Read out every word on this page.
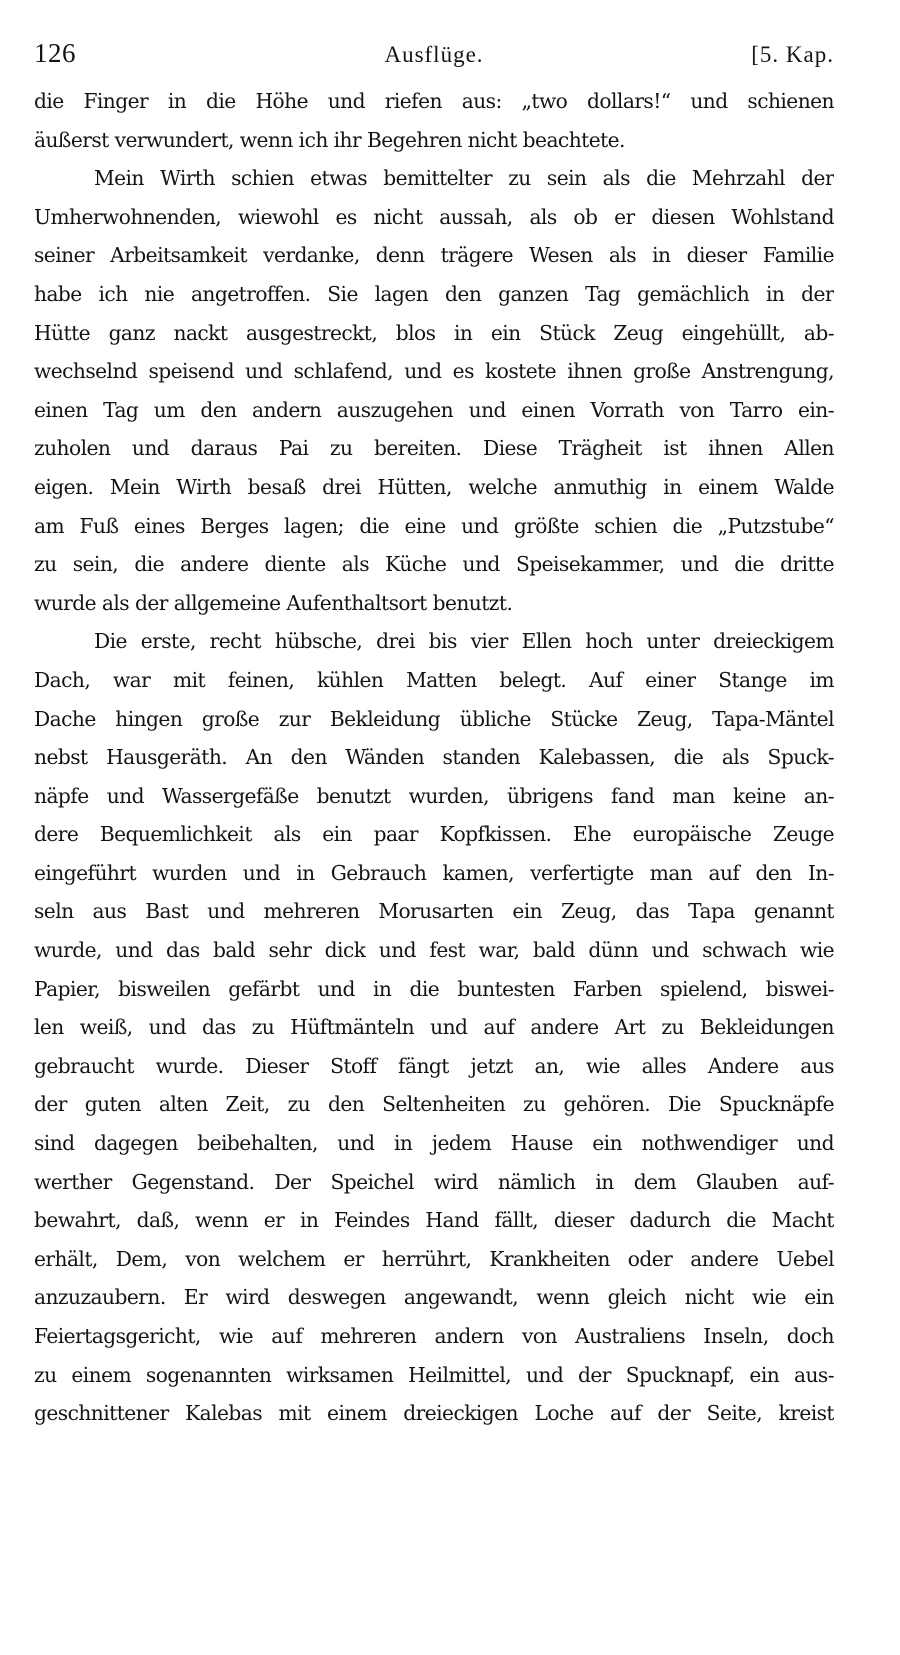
126	Ausflüge.	[5. Kap.
die Finger in die Höhe und riefen aus: „two dollars!“ und schienen
äußerst verwundert, wenn ich ihr Begehren nicht beachtete.
Mein Wirth schien etwas bemittelter zu sein als die Mehrzahl der
Umherwohnenden, wiewohl es nicht aussah, als ob er diesen Wohlstand
seiner Arbeitsamkeit verdanke, denn trägere Wesen als in dieser Familie
habe ich nie angetroffen. Sie lagen den ganzen Tag gemächlich in der
Hütte ganz nackt ausgestreckt, blos in ein Stück Zeug eingehüllt, ab-
wechselnd speisend und schlafend, und es kostete ihnen große Anstrengung,
einen Tag um den andern auszugehen und einen Vorrath von Tarro ein-
zuholen und daraus Pai zu bereiten. Diese Trägheit ist ihnen Allen
eigen. Mein Wirth besaß drei Hütten, welche anmuthig in einem Walde
am Fuß eines Berges lagen; die eine und größte schien die „Putzstube“
zu sein, die andere diente als Küche und Speisekammer, und die dritte
wurde als der allgemeine Aufenthaltsort benutzt.
Die erste, recht hübsche, drei bis vier Ellen hoch unter dreieckigem
Dach, war mit feinen, kühlen Matten belegt. Auf einer Stange im
Dache hingen große zur Bekleidung übliche Stücke Zeug, Tapa-Mäntel
nebst Hausgeräth. An den Wänden standen Kalebassen, die als Spuck-
näpfe und Wassergefäße benutzt wurden, übrigens fand man keine an-
dere Bequemlichkeit als ein paar Kopfkissen. Ehe europäische Zeuge
eingeführt wurden und in Gebrauch kamen, verfertigte man auf den In-
seln aus Bast und mehreren Morusarten ein Zeug, das Tapa genannt
wurde, und das bald sehr dick und fest war, bald dünn und schwach wie
Papier, bisweilen gefärbt und in die buntesten Farben spielend, biswei-
len weiß, und das zu Hüftmänteln und auf andere Art zu Bekleidungen
gebraucht wurde. Dieser Stoff fängt jetzt an, wie alles Andere aus
der guten alten Zeit, zu den Seltenheiten zu gehören. Die Spucknäpfe
sind dagegen beibehalten, und in jedem Hause ein nothwendiger und
werther Gegenstand. Der Speichel wird nämlich in dem Glauben auf-
bewahrt, daß, wenn er in Feindes Hand fällt, dieser dadurch die Macht
erhält, Dem, von welchem er herrührt, Krankheiten oder andere Uebel
anzuzaubern. Er wird deswegen angewandt, wenn gleich nicht wie ein
Feiertagsgericht, wie auf mehreren andern von Australiens Inseln, doch
zu einem sogenannten wirksamen Heilmittel, und der Spucknapf, ein aus-
geschnittener Kalebas mit einem dreieckigen Loche auf der Seite, kreist
